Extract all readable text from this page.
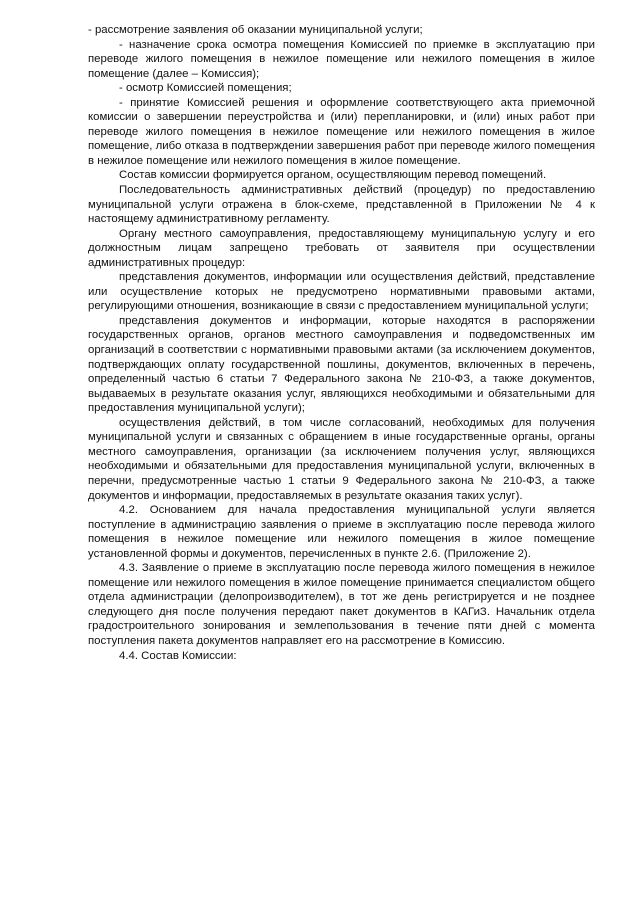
- рассмотрение заявления об оказании муниципальной услуги;

- назначение срока осмотра помещения Комиссией по приемке в эксплуатацию при переводе жилого помещения в нежилое помещение или нежилого помещения в жилое помещение (далее – Комиссия);

- осмотр Комиссией помещения;

- принятие Комиссией решения и оформление соответствующего акта приемочной комиссии о завершении переустройства и (или) перепланировки, и (или) иных работ при переводе жилого помещения в нежилое помещение или нежилого помещения в жилое помещение, либо отказа в подтверждении завершения работ при переводе жилого помещения в нежилое помещение или нежилого помещения в жилое помещение.

Состав комиссии формируется органом, осуществляющим перевод помещений.

Последовательность административных действий (процедур) по предоставлению муниципальной услуги отражена в блок-схеме, представленной в Приложении № 4 к настоящему административному регламенту.

Органу местного самоуправления, предоставляющему муниципальную услугу и его должностным лицам запрещено требовать от заявителя при осуществлении административных процедур:

представления документов, информации или осуществления действий, представление или осуществление которых не предусмотрено нормативными правовыми актами, регулирующими отношения, возникающие в связи с предоставлением муниципальной услуги;

представления документов и информации, которые находятся в распоряжении государственных органов, органов местного самоуправления и подведомственных им организаций в соответствии с нормативными правовыми актами (за исключением документов, подтверждающих оплату государственной пошлины, документов, включенных в перечень, определенный частью 6 статьи 7 Федерального закона № 210-ФЗ, а также документов, выдаваемых в результате оказания услуг, являющихся необходимыми и обязательными для предоставления муниципальной услуги);

осуществления действий, в том числе согласований, необходимых для получения муниципальной услуги и связанных с обращением в иные государственные органы, органы местного самоуправления, организации (за исключением получения услуг, являющихся необходимыми и обязательными для предоставления муниципальной услуги, включенных в перечни, предусмотренные частью 1 статьи 9 Федерального закона № 210-ФЗ, а также документов и информации, предоставляемых в результате оказания таких услуг).

4.2. Основанием для начала предоставления муниципальной услуги является поступление в администрацию заявления о приеме в эксплуатацию после перевода жилого помещения в нежилое помещение или нежилого помещения в жилое помещение установленной формы и документов, перечисленных в пункте 2.6. (Приложение 2).

4.3. Заявление о приеме в эксплуатацию после перевода жилого помещения в нежилое помещение или нежилого помещения в жилое помещение принимается специалистом общего отдела администрации (делопроизводителем), в тот же день регистрируется и не позднее следующего дня после получения передают пакет документов в КАГиЗ. Начальник отдела градостроительного зонирования и землепользования в течение пяти дней с момента поступления пакета документов направляет его на рассмотрение в Комиссию.

4.4. Состав Комиссии:
